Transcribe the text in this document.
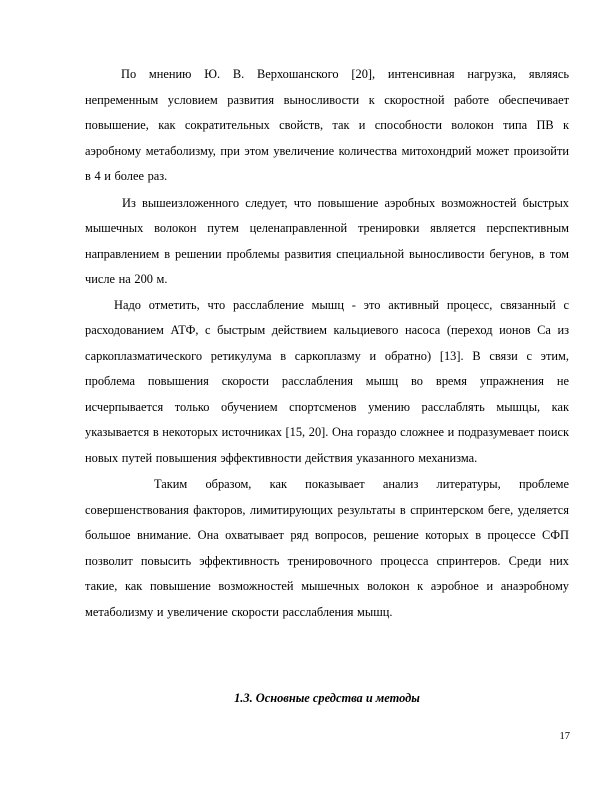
По мнению Ю. В. Верхошанского [20], интенсивная нагрузка, являясь непременным условием развития выносливости к скоростной работе обеспечивает повышение, как сократительных свойств, так и способности волокон типа ПВ к аэробному метаболизму, при этом увеличение количества митохондрий может произойти в 4 и более раз.

Из вышеизложенного следует, что повышение аэробных возможностей быстрых мышечных волокон путем целенаправленной тренировки является перспективным направлением в решении проблемы развития специальной выносливости бегунов, в том числе на 200 м.

Надо отметить, что расслабление мышц - это активный процесс, связанный с расходованием АТФ, с быстрым действием кальциевого насоса (переход ионов Ca из саркоплазматического ретикулума в саркоплазму и обратно) [13]. В связи с этим, проблема повышения скорости расслабления мышц во время упражнения не исчерпывается только обучением спортсменов умению расслаблять мышцы, как указывается в некоторых источниках [15, 20]. Она гораздо сложнее и подразумевает поиск новых путей повышения эффективности действия указанного механизма.

Таким образом, как показывает анализ литературы, проблеме совершенствования факторов, лимитирующих результаты в спринтерском беге, уделяется большое внимание. Она охватывает ряд вопросов, решение которых в процессе СФП позволит повысить эффективность тренировочного процесса спринтеров. Среди них такие, как повышение возможностей мышечных волокон к аэробное и анаэробному метаболизму и увеличение скорости расслабления мышц.

1.3. Основные средства и методы

17
